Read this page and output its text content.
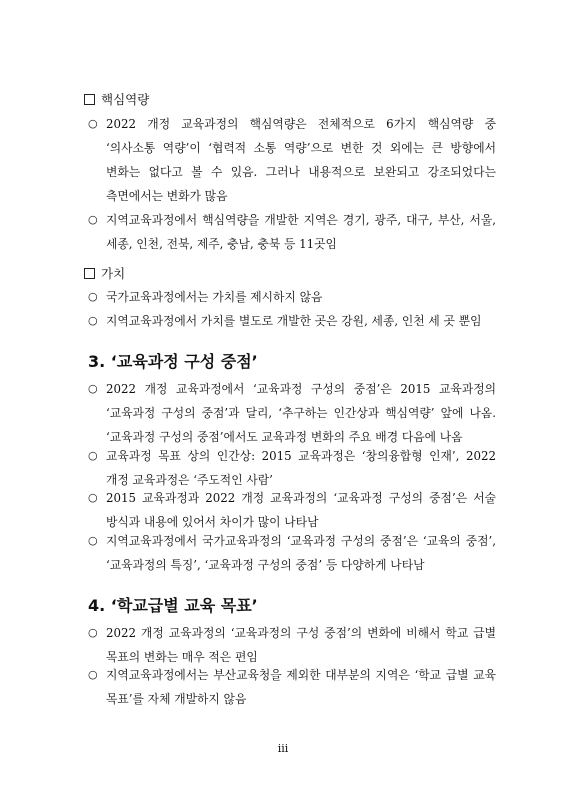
핵심역량
○ 2022 개정 교육과정의 핵심역량은 전체적으로 6가지 핵심역량 중 ‘의사소통 역량’이 ‘협력적 소통 역량’으로 변한 것 외에는 큰 방향에서 변화는 없다고 볼 수 있음. 그러나 내용적으로 보완되고 강조되었다는 측면에서는 변화가 많음
○ 지역교육과정에서 핵심역량을 개발한 지역은 경기, 광주, 대구, 부산, 서울, 세종, 인천, 전북, 제주, 충남, 충북 등 11곳임
가치
○ 국가교육과정에서는 가치를 제시하지 않음
○ 지역교육과정에서 가치를 별도로 개발한 곳은 강원, 세종, 인천 세 곳 뿐임
3. ‘교육과정 구성 중점’
○ 2022 개정 교육과정에서 ‘교육과정 구성의 중점’은 2015 교육과정의 ‘교육과정 구성의 중점’과 달리, ‘추구하는 인간상과 핵심역량’ 앞에 나옴. ‘교육과정 구성의 중점’에서도 교육과정 변화의 주요 배경 다음에 나옴
○ 교육과정 목표 상의 인간상: 2015 교육과정은 ‘창의융합형 인재’, 2022 개정 교육과정은 ‘주도적인 사람’
○ 2015 교육과정과 2022 개정 교육과정의 ‘교육과정 구성의 중점’은 서술 방식과 내용에 있어서 차이가 많이 나타남
○ 지역교육과정에서 국가교육과정의 ‘교육과정 구성의 중점’은 ‘교육의 중점’, ‘교육과정의 특징’, ‘교육과정 구성의 중점’ 등 다양하게 나타남
4. ‘학교급별 교육 목표’
○ 2022 개정 교육과정의 ‘교육과정의 구성 중점’의 변화에 비해서 학교 급별 목표의 변화는 매우 적은 편임
○ 지역교육과정에서는 부산교육청을 제외한 대부분의 지역은 ‘학교 급별 교육 목표’를 자체 개발하지 않음
iii
